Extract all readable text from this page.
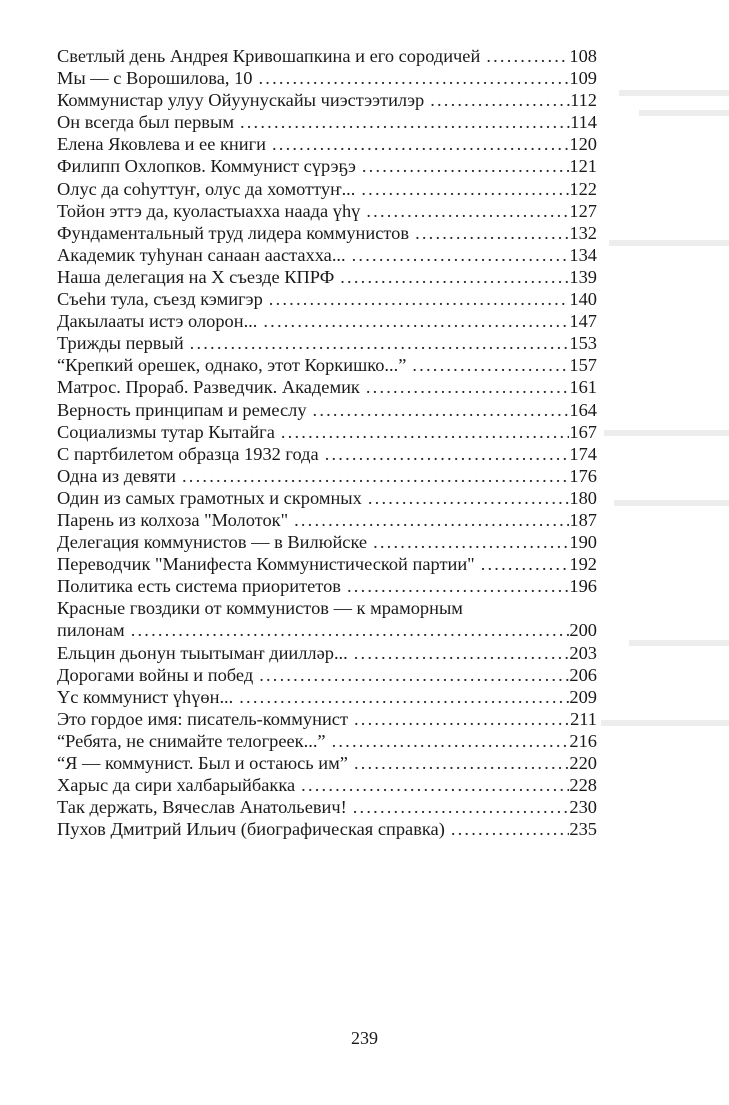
Светлый день Андрея Кривошапкина и его сородичей . . .	108
Мы — с Ворошилова, 10 . . .	109
Коммунистар улуу Ойуунускайы чиэстээтилэр . . .	112
Он всегда был первым . . .	114
Елена Яковлева и ее книги . . .	120
Филипп Охлопков. Коммунист сүрэҕэ . . .	121
Олус да соһуттуҥ, олус да хомоттуҥ... . . .	122
Тойон эттэ да, куоластыахха наада үһү . . .	127
Фундаментальный труд лидера коммунистов . . .	132
Академик туһунан санаан аастахха... . . .	134
Наша делегация на X съезде КПРФ . . .	139
Съеhи тула, съезд кэмигэр . . .	140
Дакылааты истэ олорон... . . .	147
Трижды первый . . .	153
“Крепкий орешек, однако, этот Коркишко...” . . .	157
Матрос. Прораб. Разведчик. Академик . . .	161
Верность принципам и ремеслу . . .	164
Социализмы тутар Кытайга . . .	167
С партбилетом образца 1932 года . . .	174
Одна из девяти . . .	176
Один из самых грамотных и скромных . . .	180
Парень из колхоза "Молоток" . . .	187
Делегация коммунистов — в Вилюйске . . .	190
Переводчик "Манифеста Коммунистической партии" . . .	192
Политика есть система приоритетов . . .	196
Красные гвоздики от коммунистов — к мраморным
пилонам . . .	200
Ельцин дьонун тыытымаҥ диилләр... . . .	203
Дорогами войны и побед . . .	206
Үс коммунист үһүөн... . . .	209
Это гордое имя: писатель-коммунист . . .	211
“Ребята, не снимайте телогреек...” . . .	216
“Я — коммунист. Был и остаюсь им” . . .	220
Харыс да сири халбарыйбакка . . .	228
Так держать, Вячеслав Анатольевич! . . .	230
Пухов Дмитрий Ильич (биографическая справка) . . .	235
239
